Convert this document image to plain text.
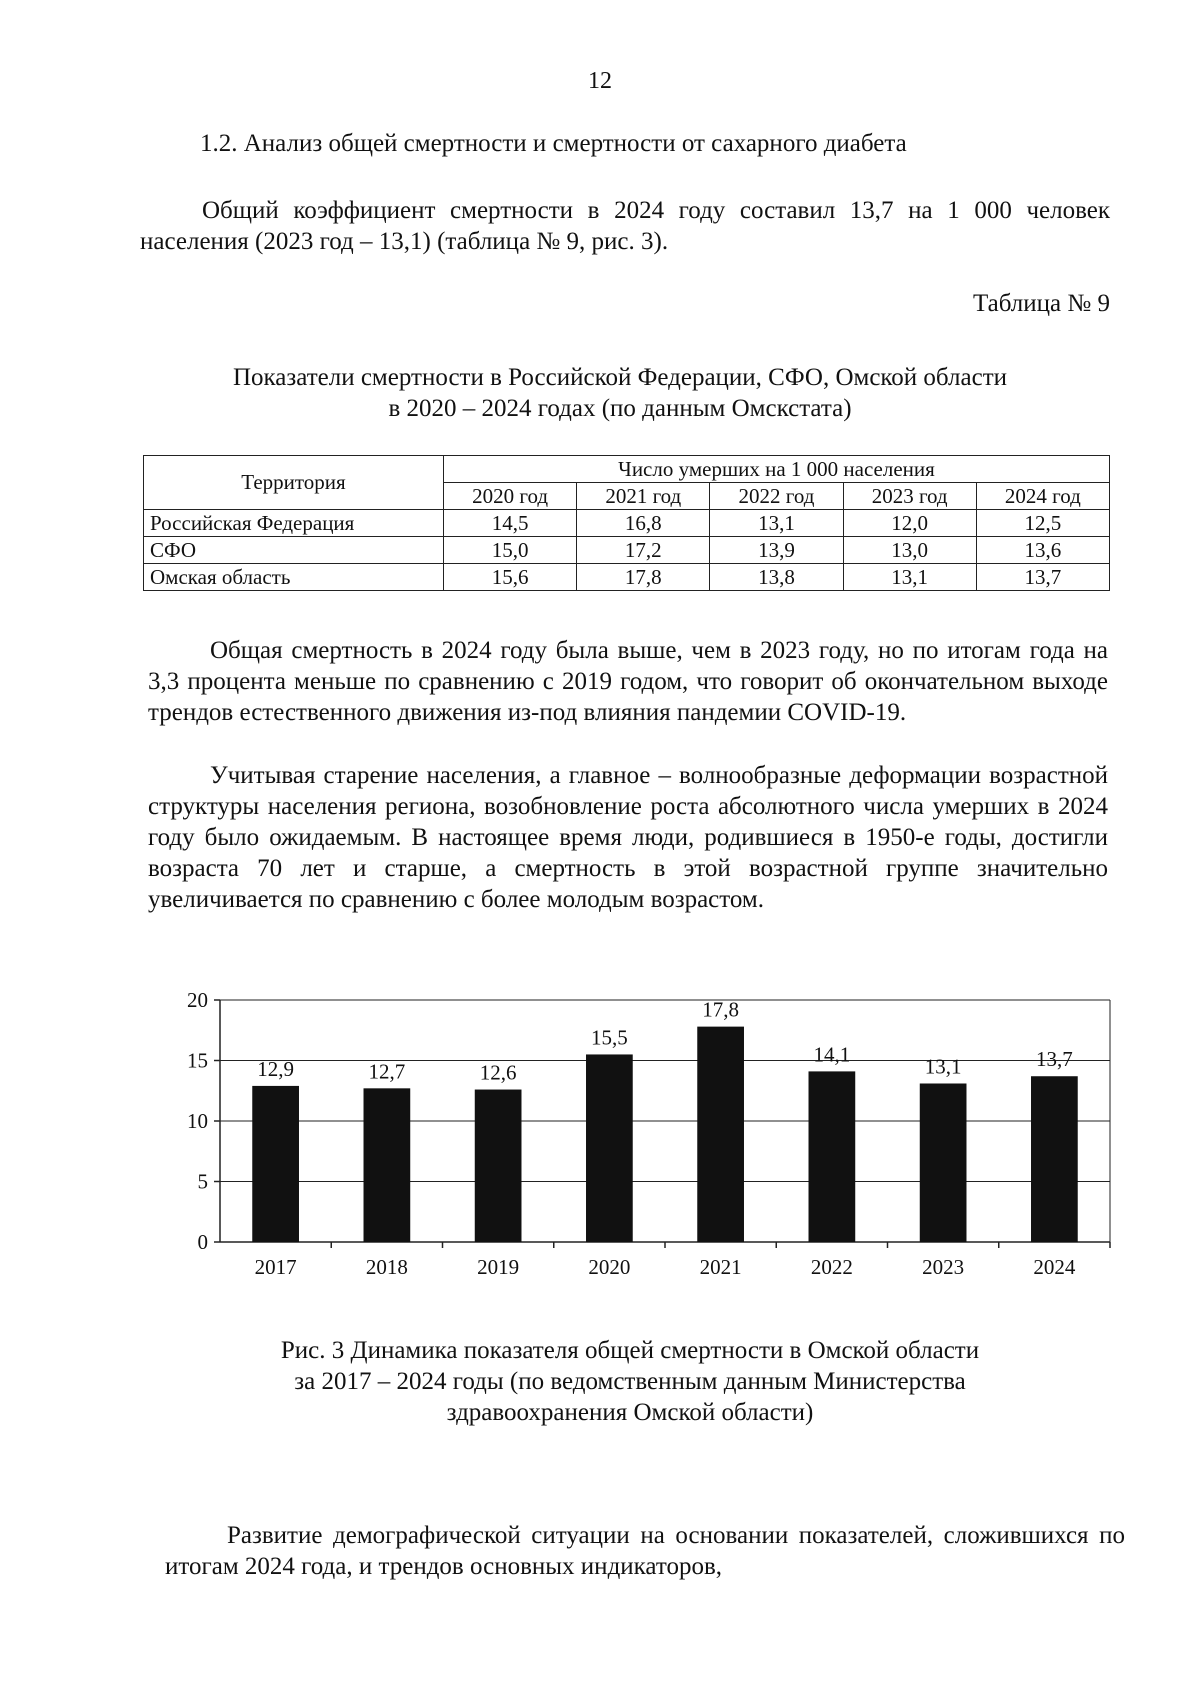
12
1.2. Анализ общей смертности и смертности от сахарного диабета
Общий коэффициент смертности в 2024 году составил 13,7 на 1 000 человек населения (2023 год – 13,1) (таблица № 9, рис. 3).
Таблица № 9
Показатели смертности в Российской Федерации, СФО, Омской области
в 2020 – 2024 годах (по данным Омскстата)
Территория	Число умерших на 1 000 населения				
	2020 год	2021 год	2022 год	2023 год	2024 год
Российская Федерация	14,5	16,8	13,1	12,0	12,5
СФО	15,0	17,2	13,9	13,0	13,6
Омская область	15,6	17,8	13,8	13,1	13,7
Общая смертность в 2024 году была выше, чем в 2023 году, но по итогам года на 3,3 процента меньше по сравнению с 2019 годом, что говорит об окончательном выходе трендов естественного движения из-под влияния пандемии COVID-19.
Учитывая старение населения, а главное – волнообразные деформации возрастной структуры населения региона, возобновление роста абсолютного числа умерших в 2024 году было ожидаемым. В настоящее время люди, родившиеся в 1950-е годы, достигли возраста 70 лет и старше, а смертность в этой возрастной группе значительно увеличивается по сравнению с более молодым возрастом.
0
5
10
15
20
12,9
2017
12,7
2018
12,6
2019
15,5
2020
17,8
2021
14,1
2022
13,1
2023
13,7
2024
Рис. 3 Динамика показателя общей смертности в Омской области
за 2017 – 2024 годы (по ведомственным данным Министерства
здравоохранения Омской области)
Развитие демографической ситуации на основании показателей, сложившихся по итогам 2024 года, и трендов основных индикаторов,
